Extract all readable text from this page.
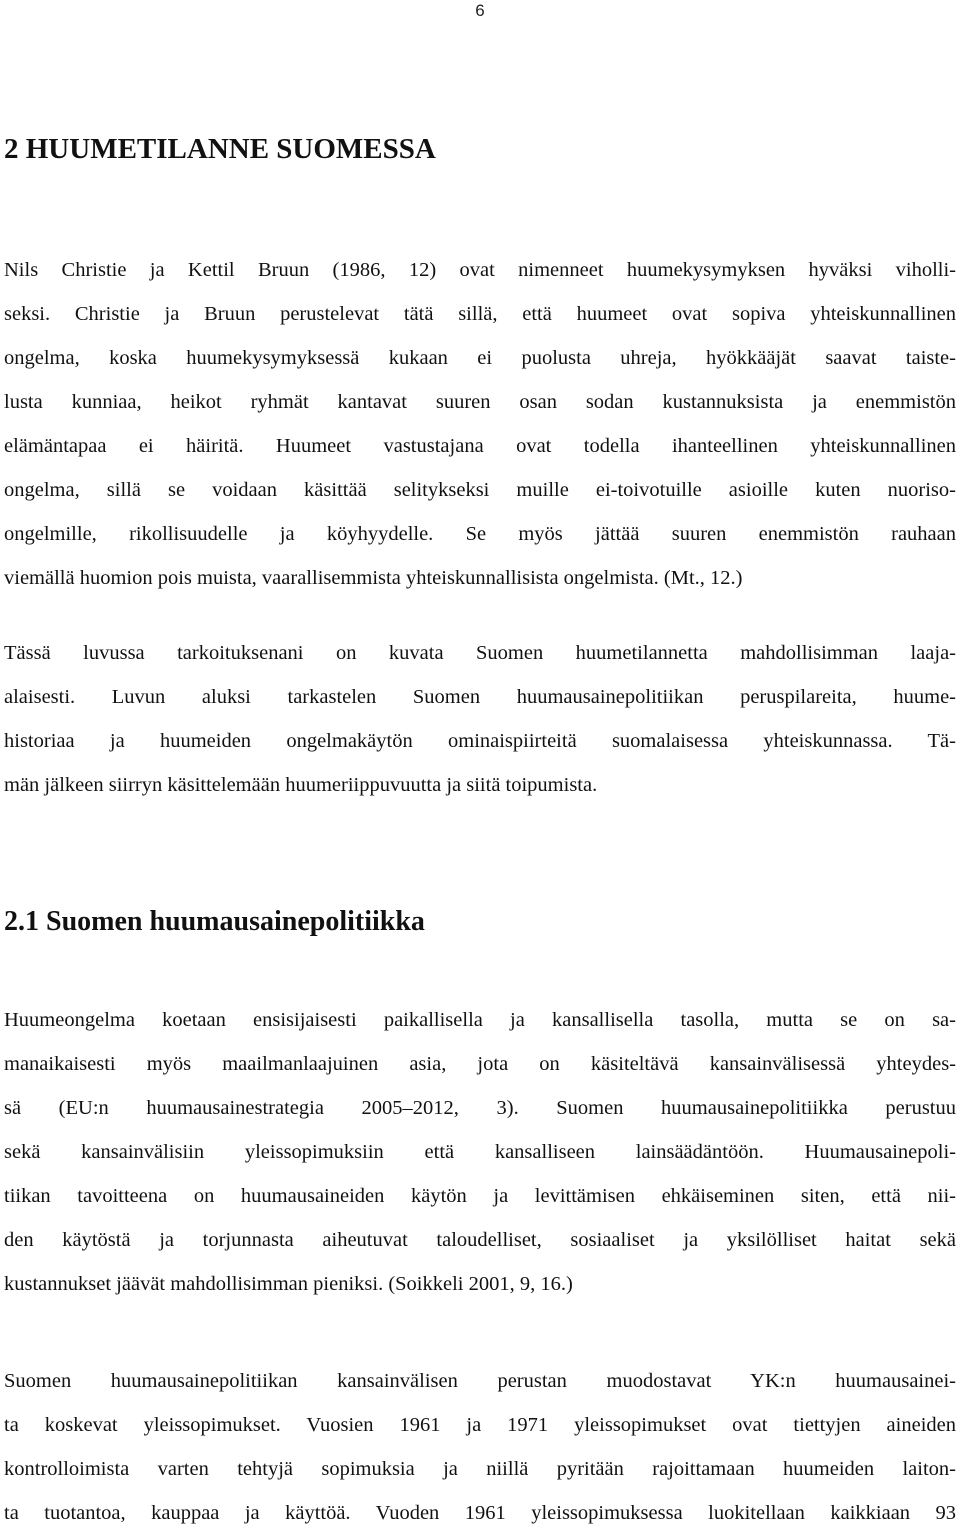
6
2 HUUMETILANNE SUOMESSA
Nils Christie ja Kettil Bruun (1986, 12) ovat nimenneet huumekysymyksen hyväksi viholli-
seksi. Christie ja Bruun perustelevat tätä sillä, että huumeet ovat sopiva yhteiskunnallinen
ongelma, koska huumekysymyksessä kukaan ei puolusta uhreja, hyökkääjät saavat taiste-
lusta kunniaa, heikot ryhmät kantavat suuren osan sodan kustannuksista ja enemmistön
elämäntapaa ei häiritä. Huumeet vastustajana ovat todella ihanteellinen yhteiskunnallinen
ongelma, sillä se voidaan käsittää selitykseksi muille ei-toivotuille asioille kuten nuoriso-
ongelmille, rikollisuudelle ja köyhyydelle. Se myös jättää suuren enemmistön rauhaan
viemällä huomion pois muista, vaarallisemmista yhteiskunnallisista ongelmista. (Mt., 12.)
Tässä luvussa tarkoituksenani on kuvata Suomen huumetilannetta mahdollisimman laaja-
alaisesti. Luvun aluksi tarkastelen Suomen huumausainepolitiikan peruspilareita, huume-
historiaa ja huumeiden ongelmakäytön ominaispiirteitä suomalaisessa yhteiskunnassa. Tä-
män jälkeen siirryn käsittelemään huumeriippuvuutta ja siitä toipumista.
2.1 Suomen huumausainepolitiikka
Huumeongelma koetaan ensisijaisesti paikallisella ja kansallisella tasolla, mutta se on sa-
manaikaisesti myös maailmanlaajuinen asia, jota on käsiteltävä kansainvälisessä yhteydes-
sä (EU:n huumausainestrategia 2005–2012, 3). Suomen huumausainepolitiikka perustuu
sekä kansainvälisiin yleissopimuksiin että kansalliseen lainsäädäntöön. Huumausainepoli-
tiikan tavoitteena on huumausaineiden käytön ja levittämisen ehkäiseminen siten, että nii-
den käytöstä ja torjunnasta aiheutuvat taloudelliset, sosiaaliset ja yksilölliset haitat sekä
kustannukset jäävät mahdollisimman pieniksi. (Soikkeli 2001, 9, 16.)
Suomen huumausainepolitiikan kansainvälisen perustan muodostavat YK:n huumausainei-
ta koskevat yleissopimukset. Vuosien 1961 ja 1971 yleissopimukset ovat tiettyjen aineiden
kontrolloimista varten tehtyjä sopimuksia ja niillä pyritään rajoittamaan huumeiden laiton-
ta tuotantoa, kauppaa ja käyttöä. Vuoden 1961 yleissopimuksessa luokitellaan kaikkiaan 93
